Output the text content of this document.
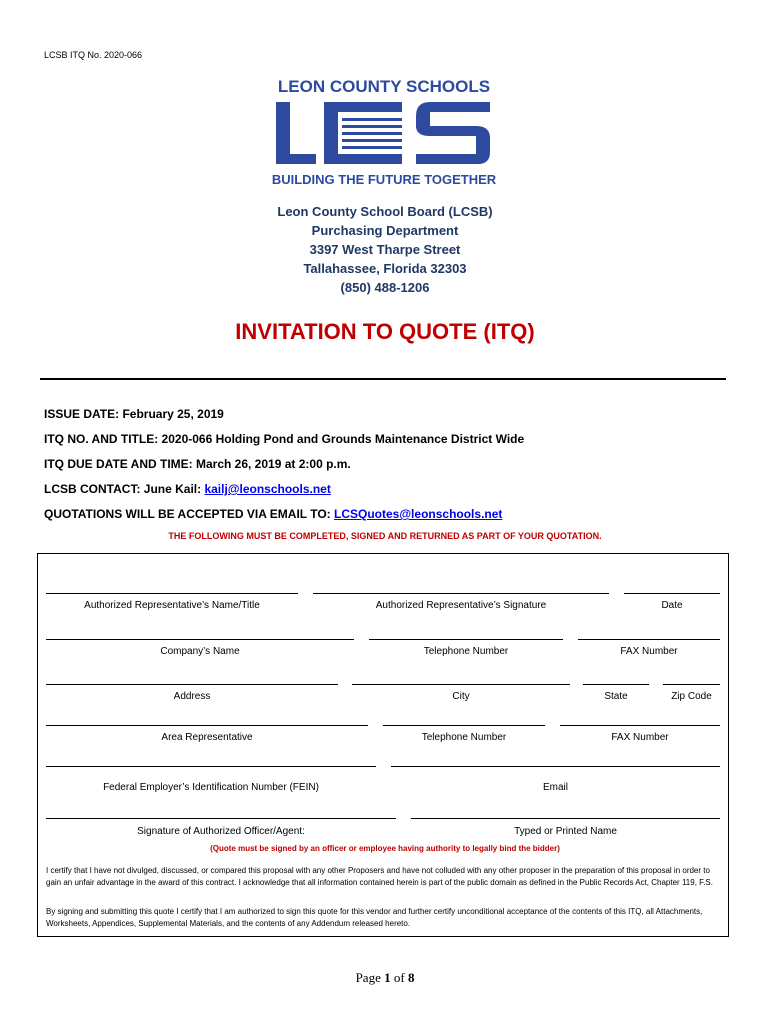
LCSB ITQ No. 2020-066
LEON COUNTY SCHOOLS
BUILDING THE FUTURE TOGETHER
Leon County School Board (LCSB)
Purchasing Department
3397 West Tharpe Street
Tallahassee, Florida 32303
(850) 488-1206
INVITATION TO QUOTE (ITQ)
ISSUE DATE: February 25, 2019
ITQ NO. AND TITLE: 2020-066 Holding Pond and Grounds Maintenance District Wide
ITQ DUE DATE AND TIME: March 26, 2019 at 2:00 p.m.
LCSB CONTACT: June Kail: kailj@leonschools.net
QUOTATIONS WILL BE ACCEPTED VIA EMAIL TO: LCSQuotes@leonschools.net
THE FOLLOWING MUST BE COMPLETED, SIGNED AND RETURNED AS PART OF YOUR QUOTATION.
Authorized Representative’s Name/Title	Authorized Representative’s Signature	Date
Company’s Name	Telephone Number	FAX Number
Address	City	State	Zip Code
Area Representative	Telephone Number	FAX Number
Federal Employer’s Identification Number (FEIN)	Email
Signature of Authorized Officer/Agent:	Typed or Printed Name
(Quote must be signed by an officer or employee having authority to legally bind the bidder)
I certify that I have not divulged, discussed, or compared this proposal with any other Proposers and have not colluded with any other proposer in the preparation of this proposal in order to gain an unfair advantage in the award of this contract. I acknowledge that all information contained herein is part of the public domain as defined in the Public Records Act, Chapter 119, F.S.
By signing and submitting this quote I certify that I am authorized to sign this quote for this vendor and further certify unconditional acceptance of the contents of this ITQ, all Attachments, Worksheets, Appendices, Supplemental Materials, and the contents of any Addendum released hereto.
Page 1 of 8
